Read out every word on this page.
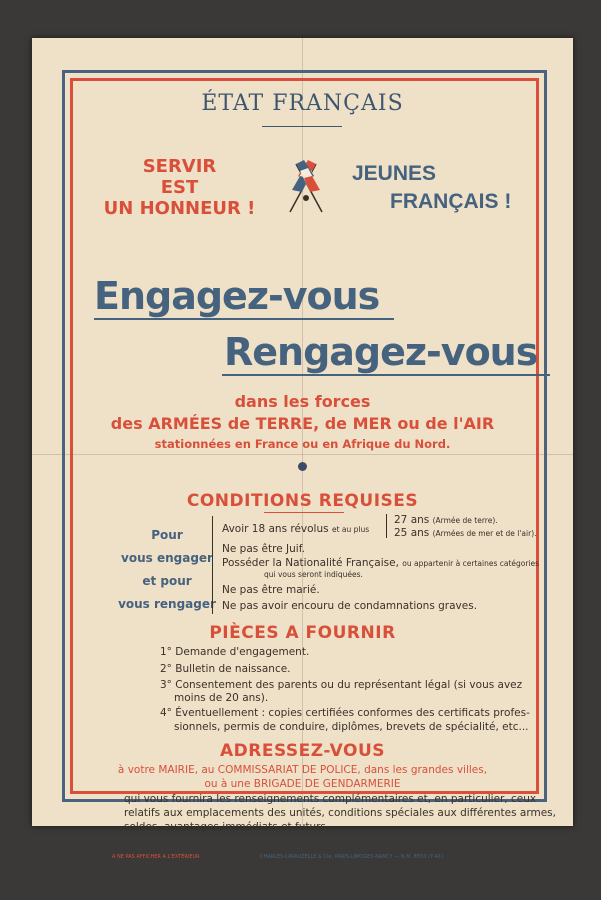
ÉTAT FRANÇAIS
SERVIR
EST
UN HONNEUR !
JEUNES
FRANÇAIS !
Engagez-vous
Rengagez-vous
dans les forces
des ARMÉES de TERRE, de MER ou de l'AIR
stationnées en France ou en Afrique du Nord.
CONDITIONS REQUISES
Pour
vous engager
et pour
vous rengager
Avoir 18 ans révolus et au plus
27 ans (Armée de terre).
25 ans (Armées de mer et de l'air).
Ne pas être Juif.
Posséder la Nationalité Française, ou appartenir à certaines catégories
qui vous seront indiquées.
Ne pas être marié.
Ne pas avoir encouru de condamnations graves.
PIÈCES A FOURNIR
1° Demande d'engagement.
2° Bulletin de naissance.
3° Consentement des parents ou du représentant légal (si vous avez
moins de 20 ans).
4° Éventuellement : copies certifiées conformes des certificats profes-
sionnels, permis de conduire, diplômes, brevets de spécialité, etc...
ADRESSEZ-VOUS
à votre MAIRIE, au COMMISSARIAT DE POLICE, dans les grandes villes,
ou à une BRIGADE DE GENDARMERIE
qui vous fournira les renseignements complémentaires et, en particulier, ceux
relatifs aux emplacements des unités, conditions spéciales aux différentes armes,
soldes, avantages immédiats et futurs.
A NE PAS AFFICHER A L'EXTÉRIEUR	CHARLES-LAVAUZELLE & Cie, PARIS-LIMOGES-NANCY — N.M. 8553 (7-41)
